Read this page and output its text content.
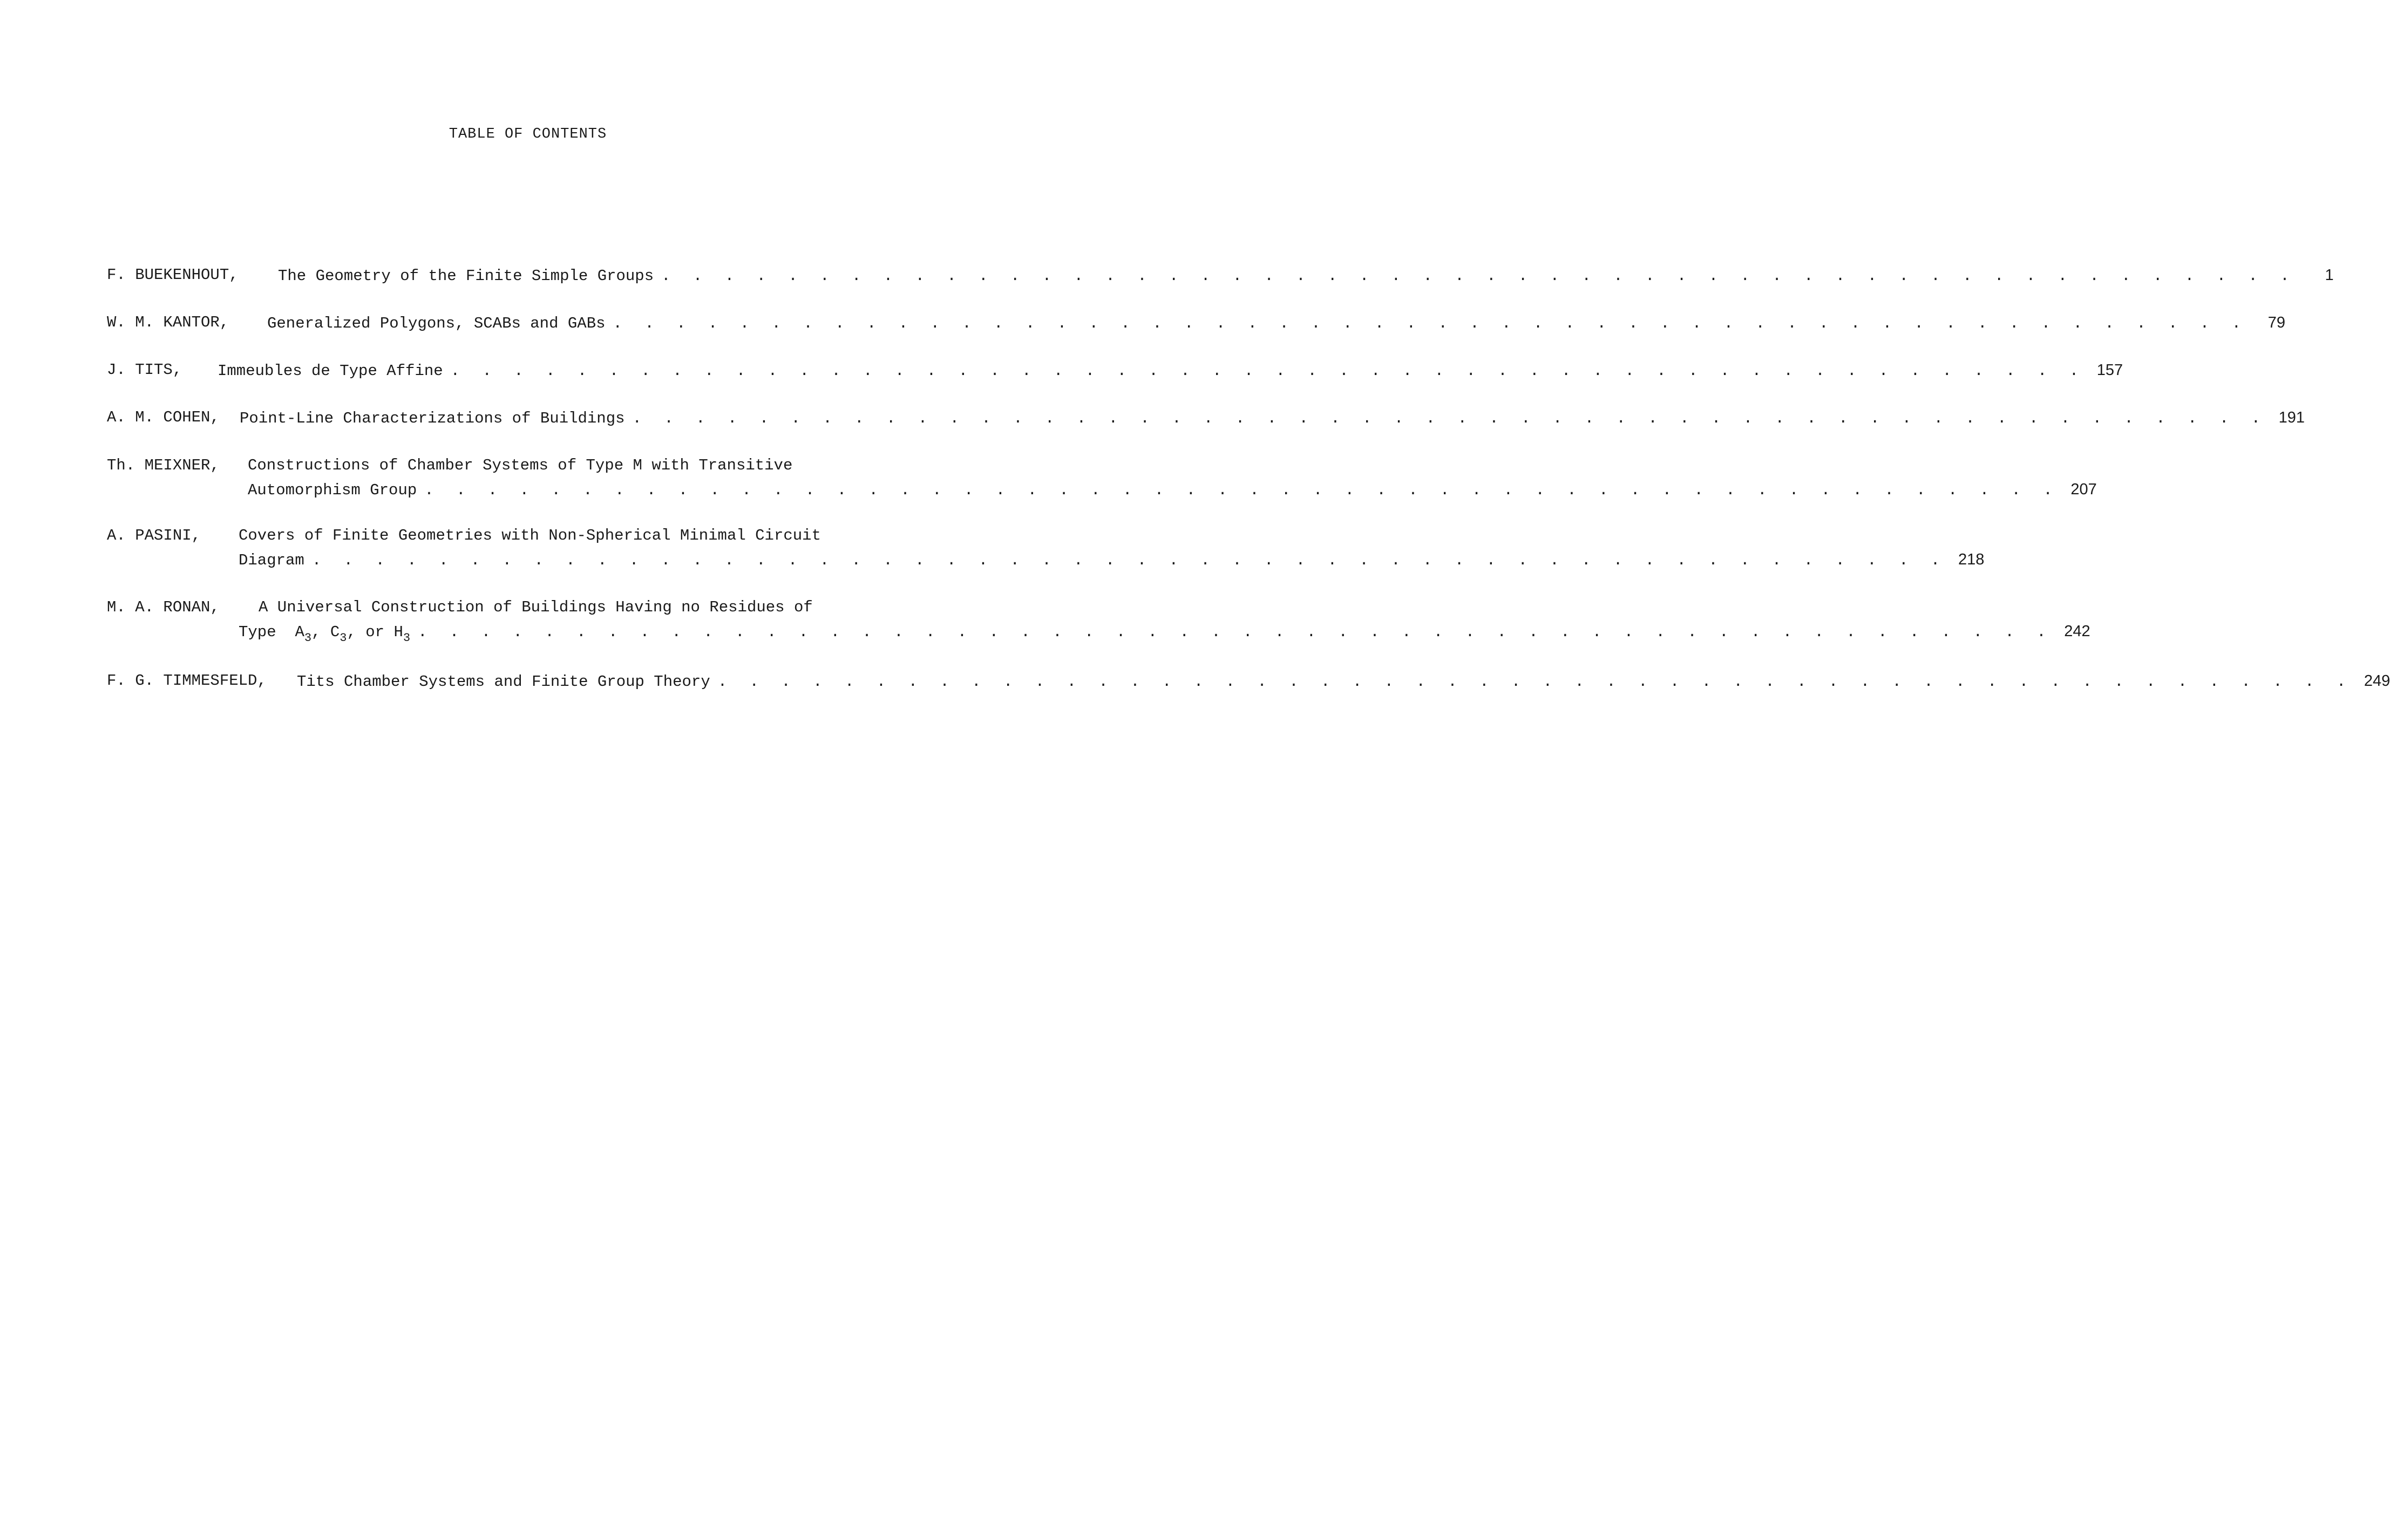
TABLE OF CONTENTS
F. BUEKENHOUT,	The Geometry of the Finite Simple Groups . . . . . . . . . . . . . . . . . . . . . . . . . . . . . . . . . . . . . . . . . . . . . . . . . . . .	1
W. M. KANTOR, Generalized Polygons, SCABs and GABs . . . . . . . . . . . . . . . . . . . . . . . . . . . . . . . . . . . . . . . . . . . . . . . . . . . .	79
J. TITS, Immeubles de Type Affine . . . . . . . . . . . . . . . . . . . . . . . . . . . . . . . . . . . . . . . . . . . . . . . . . . . . 157
A. M. COHEN, Point-Line Characterizations of Buildings . . . . . . . . . . . . . . . . . . . . . . . . . . . . . . . . . . . . . . . . . . . . . . . . . . . . 191
Th. MEIXNER, Constructions of Chamber Systems of Type M with Transitive
Automorphism Group . . . . . . . . . . . . . . . . . . . . . . . . . . . . . . . . . . . . . . . . . . . . . . . . . . . . 207
A. PASINI, Covers of Finite Geometries with Non-Spherical Minimal Circuit
Diagram . . . . . . . . . . . . . . . . . . . . . . . . . . . . . . . . . . . . . . . . . . . . . . . . . . . . 218
M. A. RONAN, A Universal Construction of Buildings Having no Residues of
Type $A_3$, $C_3$, or $H_3$ . . . . . . . . . . . . . . . . . . . . . . . . . . . . . . . . . . . . . . . . . . . . . . . . . . . . 242
F. G. TIMMESFELD, Tits Chamber Systems and Finite Group Theory . . . . . . . . . . . . . . . . . . . . . . . . . . . . . . . . . . . . . . . . . . . . . . . . . . . . 249
